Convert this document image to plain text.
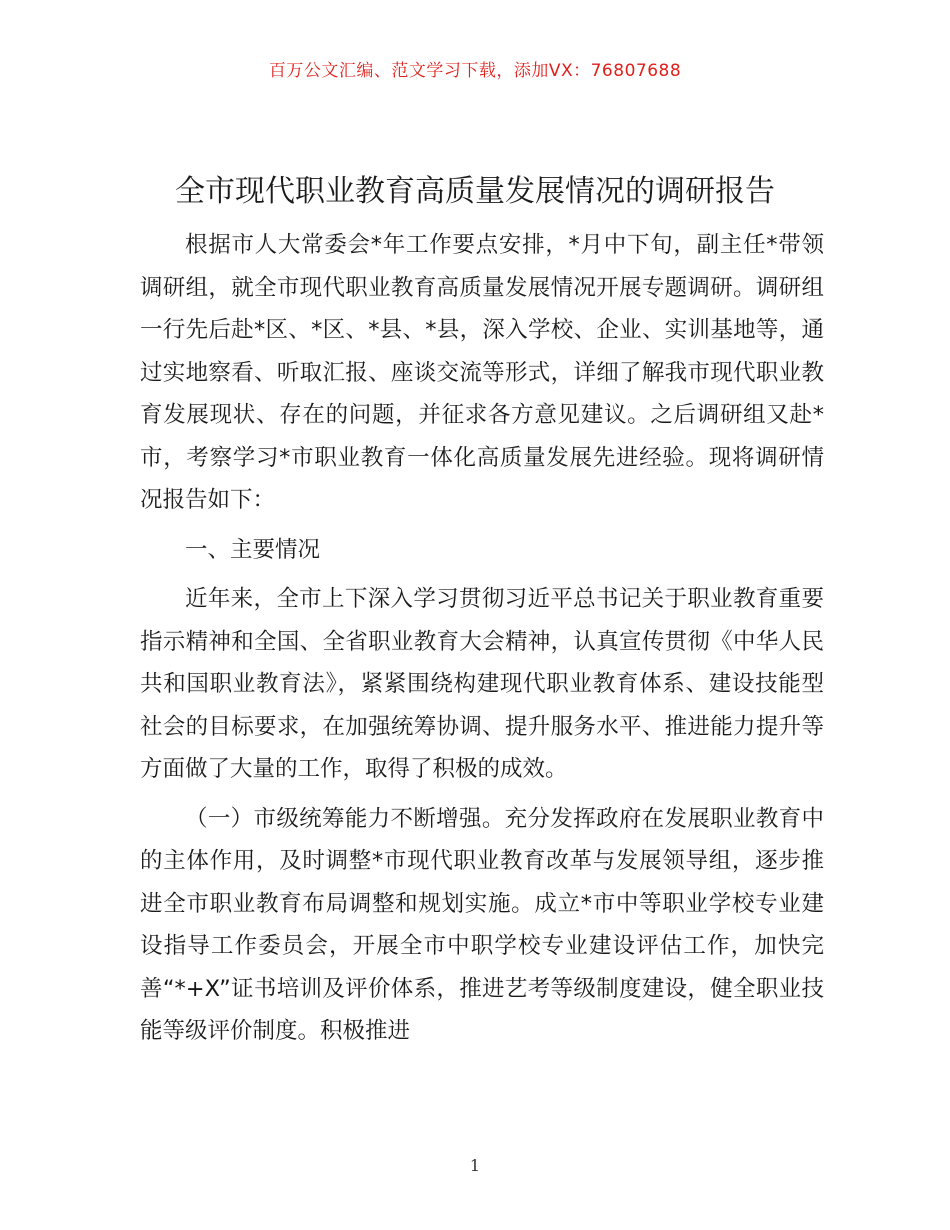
百万公文汇编、范文学习下载，添加VX：76807688
全市现代职业教育高质量发展情况的调研报告

根据市人大常委会*年工作要点安排，*月中下旬，副主任*带领调研组，就全市现代职业教育高质量发展情况开展专题调研。调研组一行先后赴*区、*区、*县、*县，深入学校、企业、实训基地等，通过实地察看、听取汇报、座谈交流等形式，详细了解我市现代职业教育发展现状、存在的问题，并征求各方意见建议。之后调研组又赴*市，考察学习*市职业教育一体化高质量发展先进经验。现将调研情况报告如下：

一、主要情况

近年来，全市上下深入学习贯彻习近平总书记关于职业教育重要指示精神和全国、全省职业教育大会精神，认真宣传贯彻《中华人民共和国职业教育法》，紧紧围绕构建现代职业教育体系、建设技能型社会的目标要求，在加强统筹协调、提升服务水平、推进能力提升等方面做了大量的工作，取得了积极的成效。

（一）市级统筹能力不断增强。充分发挥政府在发展职业教育中的主体作用，及时调整*市现代职业教育改革与发展领导组，逐步推进全市职业教育布局调整和规划实施。成立*市中等职业学校专业建设指导工作委员会，开展全市中职学校专业建设评估工作，加快完善“*+X”证书培训及评价体系，推进艺考等级制度建设，健全职业技能等级评价制度。积极推进

1
